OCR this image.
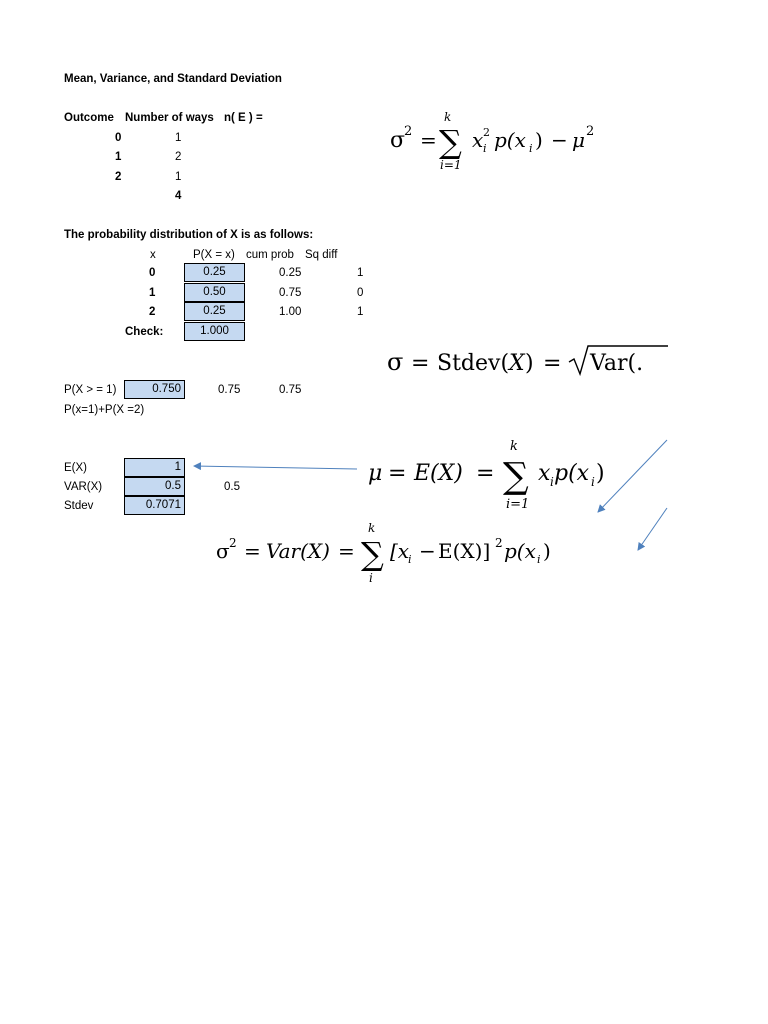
Mean, Variance, and Standard Deviation
Outcome Number of ways n( E ) =
0	1
1	2
2	1
4
The probability distribution of X is as follows:
x	P(X = x) cum prob Sq diff
0	0.25	0.25	1
1	0.50	0.75	0
2	0.25	1.00	1
Check:	1.000
P(X > = 1)	0.750	0.75	0.75
P(x=1)+P(X =2)
E(X)	1
VAR(X)	0.5	0.5
Stdev	0.7071
σ
2 =
k
∑
i=1
x i
2 p(x i ) − μ 2
σ = Stdev( X ) = Var(.
μ = E(X) =
k
∑
i=1
x i p(x i )
σ 2 = Var(X) =
k
∑
i
[x
i − E(X)] 2 p(x i )
